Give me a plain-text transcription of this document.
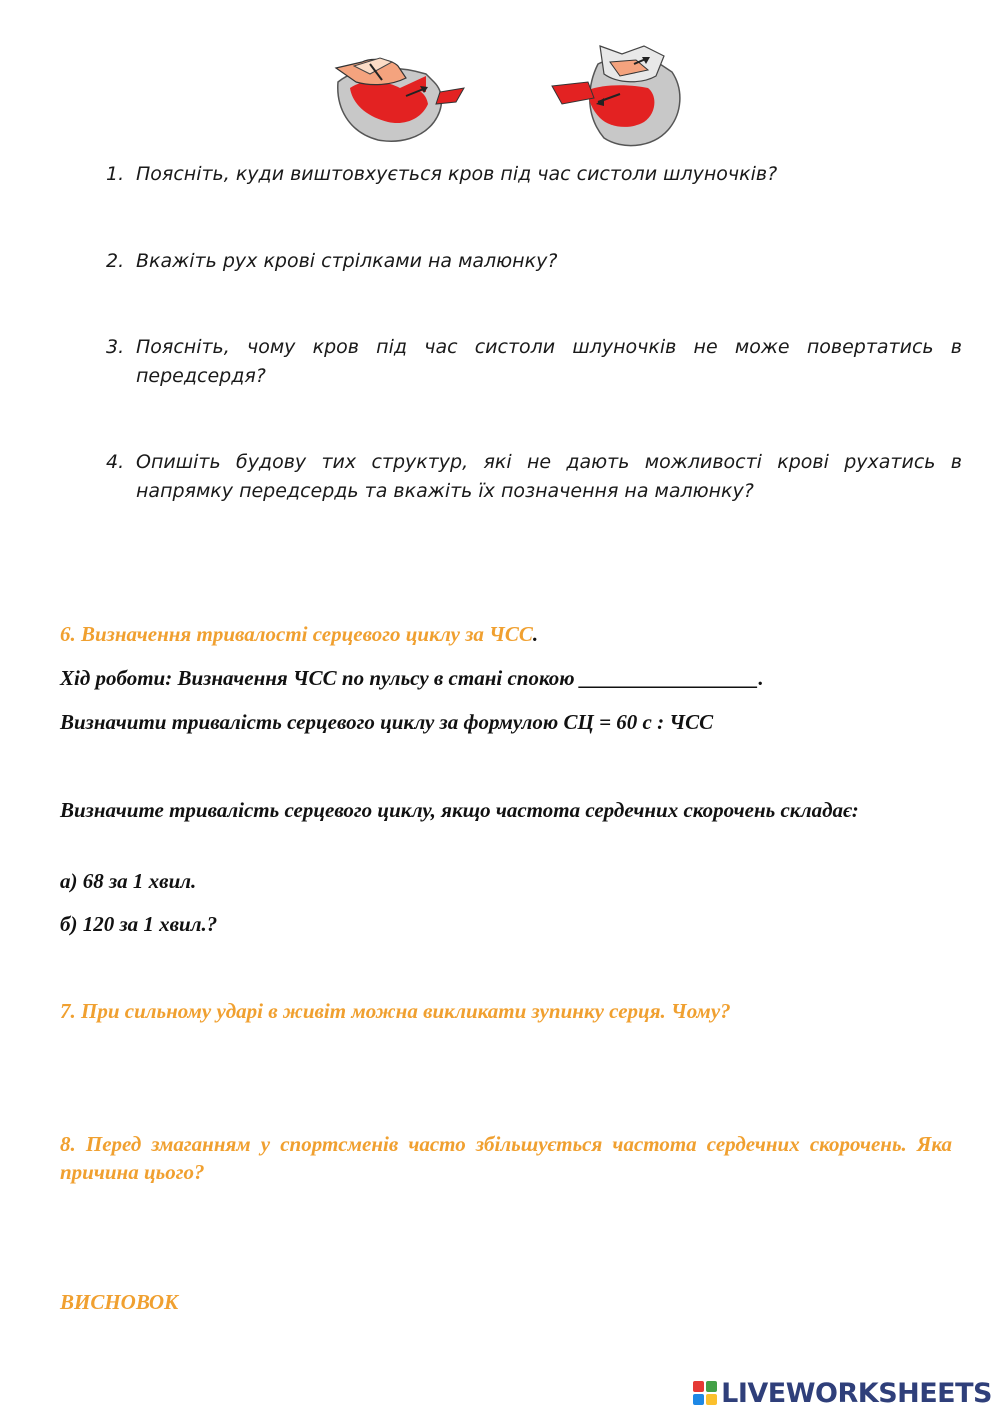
1. Поясніть, куди виштовхується кров під час систоли шлуночків?
2. Вкажіть рух крові стрілками на малюнку?
3. Поясніть, чому кров під час систоли шлуночків не може повертатись в передсердя?
4. Опишіть будову тих структур, які не дають можливості крові рухатись в напрямку передсердь та вкажіть їх позначення на малюнку?
6. Визначення тривалості серцевого циклу за ЧСС.
Хід роботи: Визначення ЧСС по пульсу в стані спокою _________________.
Визначити тривалість серцевого циклу за формулою СЦ = 60 с : ЧСС
Визначите тривалість серцевого циклу, якщо частота сердечних скорочень складає:
а) 68 за 1 хвил.
б) 120 за 1 хвил.?
7. При сильному ударі в живіт можна викликати зупинку серця. Чому?
8. Перед змаганням у спортсменів часто збільшується частота сердечних скорочень. Яка причина цього?
ВИСНОВОК
LIVEWORKSHEETS
